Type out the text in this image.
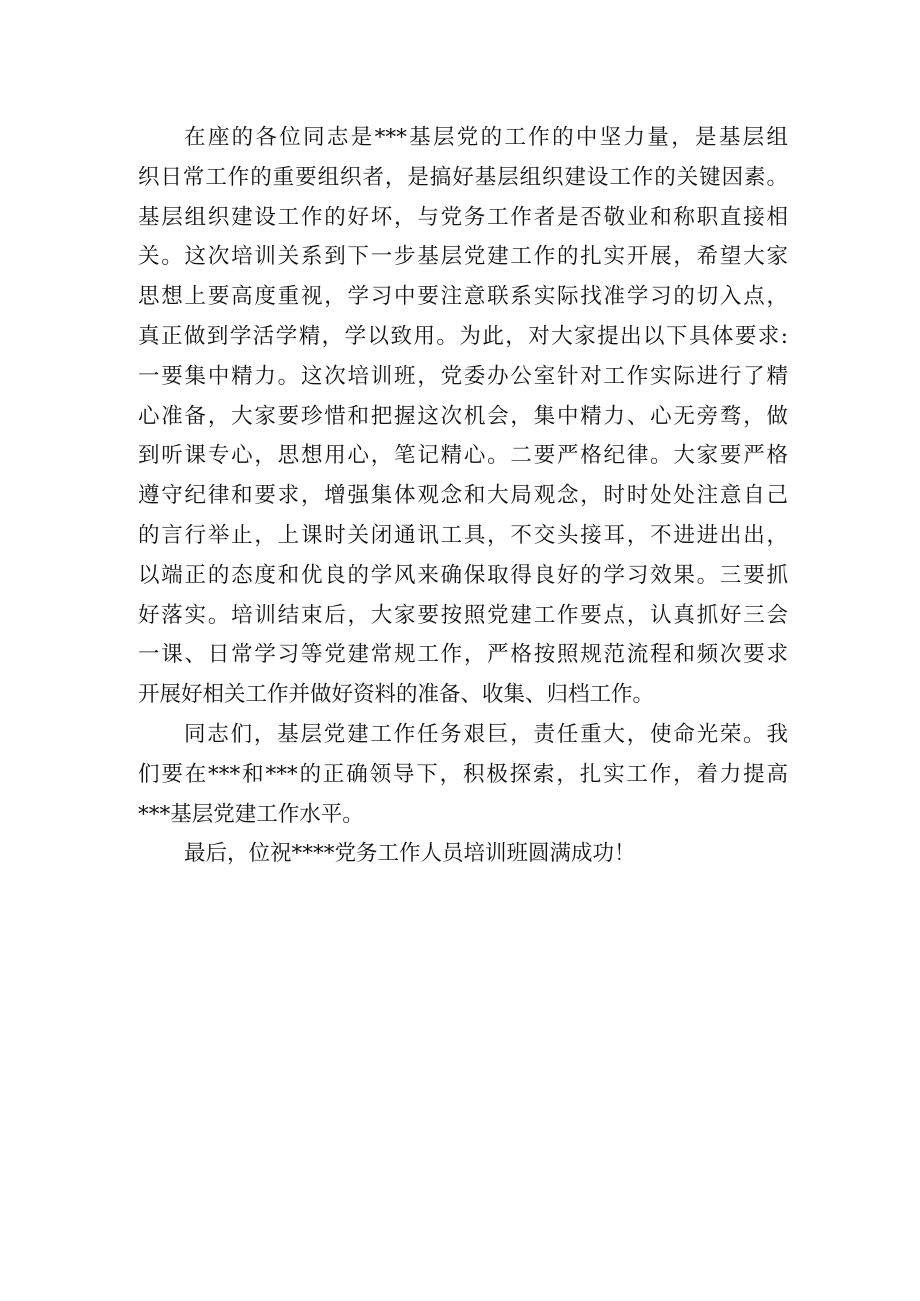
在座的各位同志是***基层党的工作的中坚力量，是基层组
织日常工作的重要组织者，是搞好基层组织建设工作的关键因素。
基层组织建设工作的好坏，与党务工作者是否敬业和称职直接相
关。这次培训关系到下一步基层党建工作的扎实开展，希望大家
思想上要高度重视，学习中要注意联系实际找准学习的切入点，
真正做到学活学精，学以致用。为此，对大家提出以下具体要求:
一要集中精力。这次培训班，党委办公室针对工作实际进行了精
心准备，大家要珍惜和把握这次机会，集中精力、心无旁骛，做
到听课专心，思想用心，笔记精心。二要严格纪律。大家要严格
遵守纪律和要求，增强集体观念和大局观念，时时处处注意自己
的言行举止，上课时关闭通讯工具，不交头接耳，不进进出出，
以端正的态度和优良的学风来确保取得良好的学习效果。三要抓
好落实。培训结束后，大家要按照党建工作要点，认真抓好三会
一课、日常学习等党建常规工作，严格按照规范流程和频次要求
开展好相关工作并做好资料的准备、收集、归档工作。
同志们，基层党建工作任务艰巨，责任重大，使命光荣。我
们要在***和***的正确领导下，积极探索，扎实工作，着力提高
***基层党建工作水平。
最后，位祝****党务工作人员培训班圆满成功！
